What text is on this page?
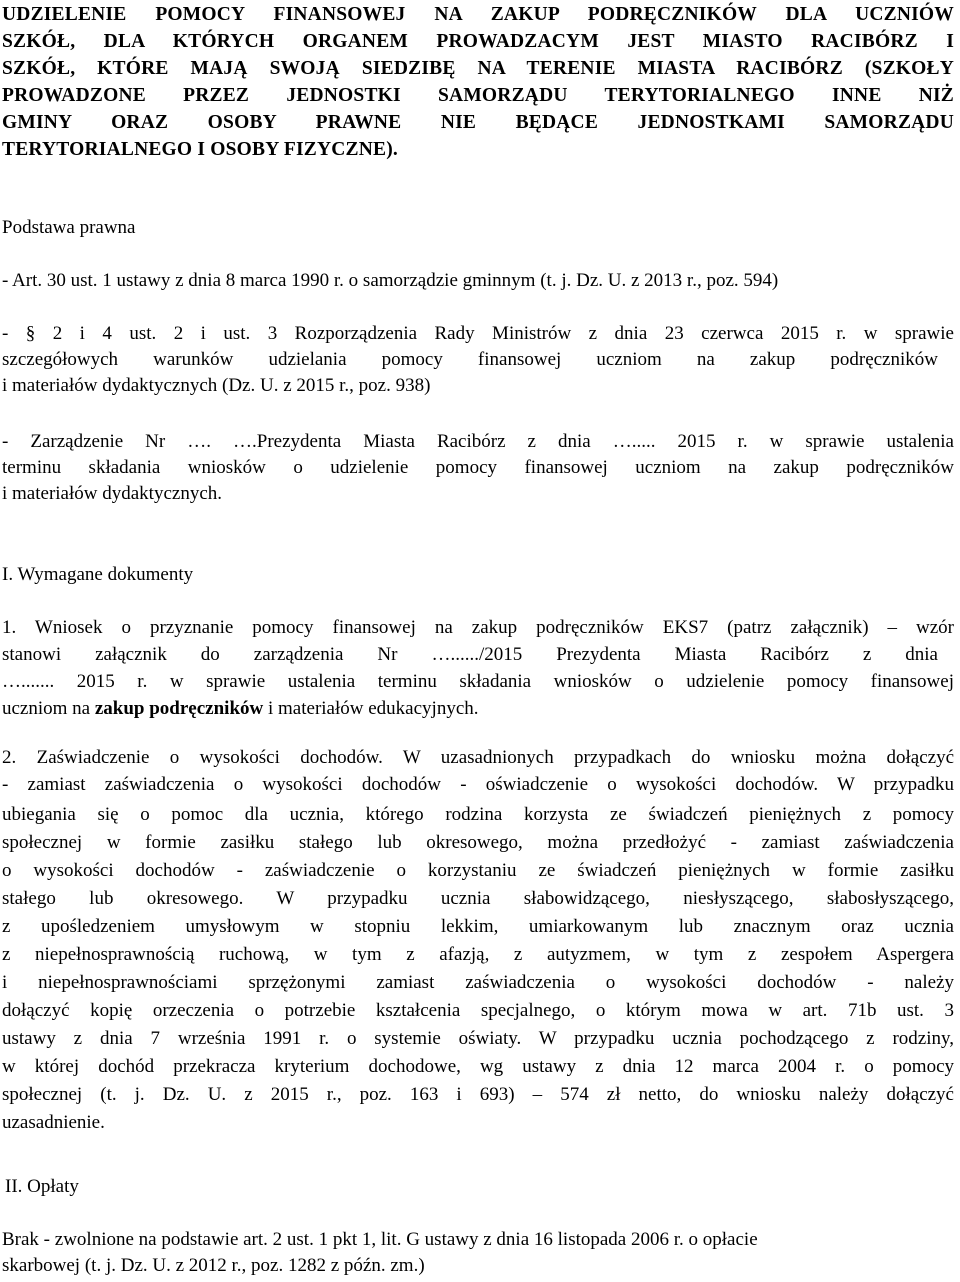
UDZIELENIE POMOCY FINANSOWEJ NA ZAKUP PODRĘCZNIKÓW DLA UCZNIÓW

SZKÓŁ, DLA KTÓRYCH ORGANEM PROWADZACYM JEST MIASTO RACIBÓRZ I

SZKÓŁ, KTÓRE MAJĄ SWOJĄ SIEDZIBĘ NA TERENIE MIASTA RACIBÓRZ (SZKOŁY

PROWADZONE PRZEZ JEDNOSTKI SAMORZĄDU TERYTORIALNEGO INNE NIŻ

GMINY ORAZ OSOBY PRAWNE NIE BĘDĄCE JEDNOSTKAMI SAMORZĄDU

TERYTORIALNEGO I OSOBY FIZYCZNE).

Podstawa prawna

- Art. 30 ust. 1 ustawy z dnia 8 marca 1990 r. o samorządzie gminnym (t. j. Dz. U. z 2013 r., poz. 594)

- § 2 i 4 ust. 2 i ust. 3 Rozporządzenia Rady Ministrów z dnia 23 czerwca 2015 r. w sprawie

szczegółowych warunków udzielania pomocy finansowej uczniom na zakup podręczników

i materiałów dydaktycznych (Dz. U. z 2015 r., poz. 938)

- Zarządzenie Nr …. ….Prezydenta Miasta Racibórz z dnia …..... 2015 r. w sprawie ustalenia

terminu składania wniosków o udzielenie pomocy finansowej uczniom na zakup podręczników

i materiałów dydaktycznych.

I. Wymagane dokumenty

1. Wniosek o przyznanie pomocy finansowej na zakup podręczników EKS7 (patrz załącznik) – wzór

stanowi załącznik do zarządzenia Nr …....../2015 Prezydenta Miasta Racibórz z dnia

…....... 2015 r. w sprawie ustalenia terminu składania wniosków o udzielenie pomocy finansowej

uczniom na zakup podręczników i materiałów edukacyjnych.

2. Zaświadczenie o wysokości dochodów. W uzasadnionych przypadkach do wniosku można dołączyć

- zamiast zaświadczenia o wysokości dochodów - oświadczenie o wysokości dochodów. W przypadku

ubiegania się o pomoc dla ucznia, którego rodzina korzysta ze świadczeń pieniężnych z pomocy

społecznej w formie zasiłku stałego lub okresowego, można przedłożyć - zamiast zaświadczenia

o wysokości dochodów - zaświadczenie o korzystaniu ze świadczeń pieniężnych w formie zasiłku

stałego lub okresowego. W przypadku ucznia słabowidzącego, niesłyszącego, słabosłyszącego,

z upośledzeniem umysłowym w stopniu lekkim, umiarkowanym lub znacznym oraz ucznia

z niepełnosprawnością ruchową, w tym z afazją, z autyzmem, w tym z zespołem Aspergera

i niepełnosprawnościami sprzężonymi zamiast zaświadczenia o wysokości dochodów - należy

dołączyć kopię orzeczenia o potrzebie kształcenia specjalnego, o którym mowa w art. 71b ust. 3

ustawy z dnia 7 września 1991 r. o systemie oświaty. W przypadku ucznia pochodzącego z rodziny,

w której dochód przekracza kryterium dochodowe, wg ustawy z dnia 12 marca 2004 r. o pomocy

społecznej (t. j. Dz. U. z 2015 r., poz. 163 i 693) – 574 zł netto, do wniosku należy dołączyć

uzasadnienie.

II. Opłaty

Brak - zwolnione na podstawie art. 2 ust. 1 pkt 1, lit. G ustawy z dnia 16 listopada 2006 r. o opłacie

skarbowej (t. j. Dz. U. z 2012 r., poz. 1282 z późn. zm.)
